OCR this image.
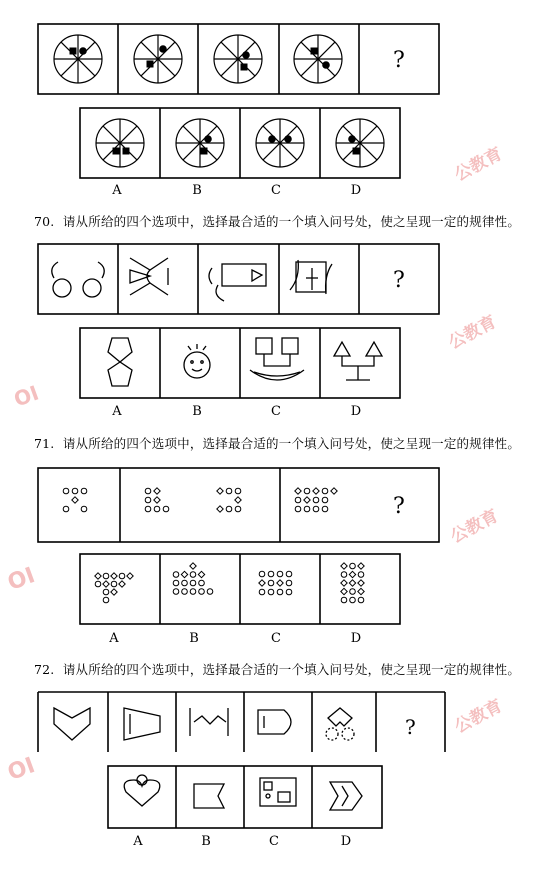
公教育
公教育
公教育
公教育
OI
OI
OI
?
A	B	C	D
70. 请从所给的四个选项中，选择最合适的一个填入问号处，使之呈现一定的规律性。
?
A	B	C	D
71. 请从所给的四个选项中，选择最合适的一个填入问号处，使之呈现一定的规律性。
?
A	B	C	D
72. 请从所给的四个选项中，选择最合适的一个填入问号处，使之呈现一定的规律性。
?
A	B	C	D
